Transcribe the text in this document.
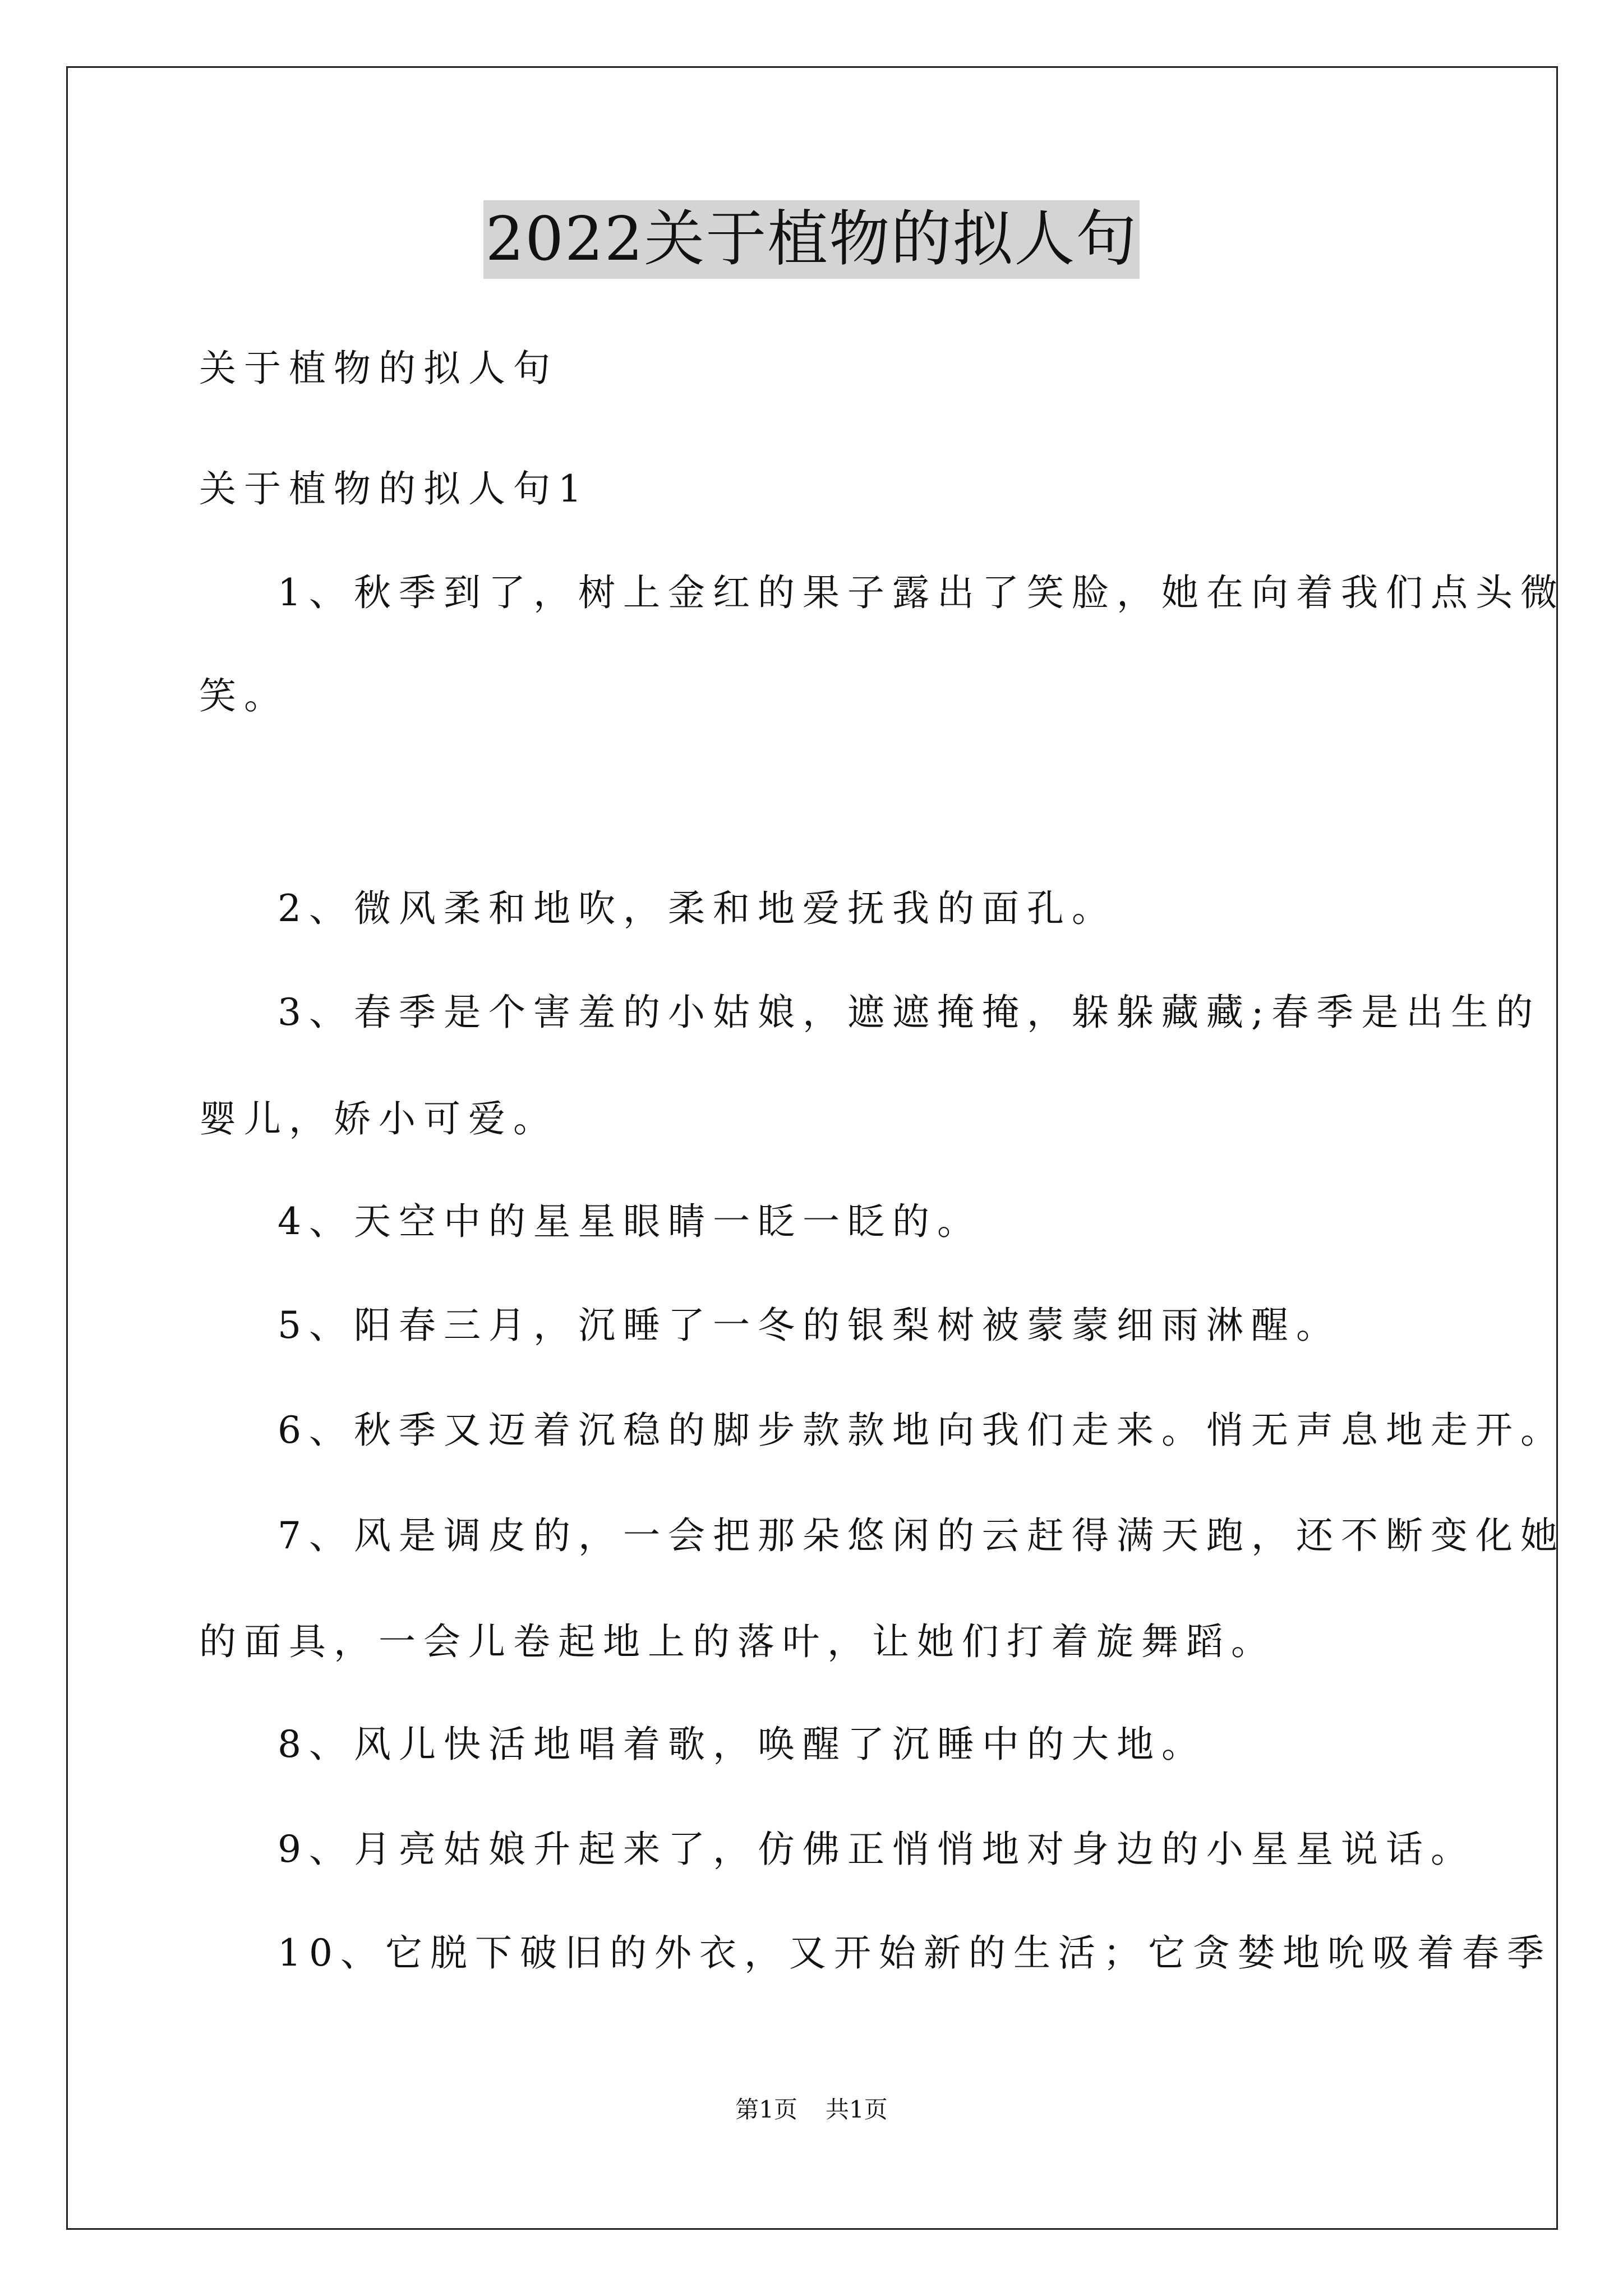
2022关于植物的拟人句
关于植物的拟人句
关于植物的拟人句1
1、秋季到了，树上金红的果子露出了笑脸，她在向着我们点头微
笑。
2、微风柔和地吹，柔和地爱抚我的面孔。
3、春季是个害羞的小姑娘，遮遮掩掩，躲躲藏藏;春季是出生的
婴儿，娇小可爱。
4、天空中的星星眼睛一眨一眨的。
5、阳春三月，沉睡了一冬的银梨树被蒙蒙细雨淋醒。
6、秋季又迈着沉稳的脚步款款地向我们走来。悄无声息地走开。
7、风是调皮的，一会把那朵悠闲的云赶得满天跑，还不断变化她
的面具，一会儿卷起地上的落叶，让她们打着旋舞蹈。
8、风儿快活地唱着歌，唤醒了沉睡中的大地。
9、月亮姑娘升起来了，仿佛正悄悄地对身边的小星星说话。
10、它脱下破旧的外衣，又开始新的生活；它贪婪地吮吸着春季
第1页 共1页
